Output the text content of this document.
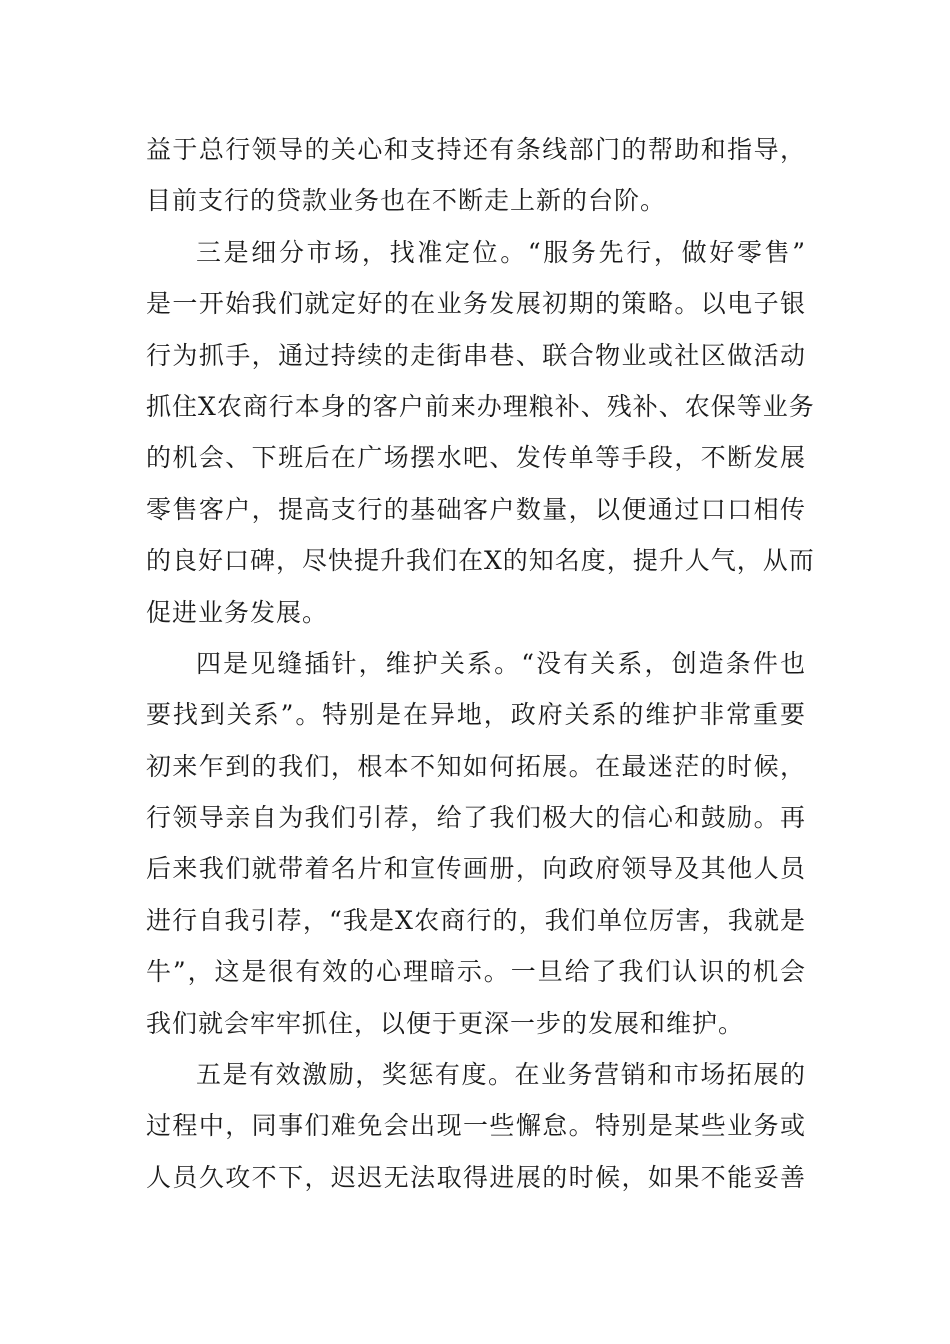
益于总行领导的关心和支持还有条线部门的帮助和指导，
目前支行的贷款业务也在不断走上新的台阶。
三是细分市场，找准定位。“服务先行，做好零售”
是一开始我们就定好的在业务发展初期的策略。以电子银
行为抓手，通过持续的走街串巷、联合物业或社区做活动
抓住X农商行本身的客户前来办理粮补、残补、农保等业务
的机会、下班后在广场摆水吧、发传单等手段，不断发展
零售客户，提高支行的基础客户数量，以便通过口口相传
的良好口碑，尽快提升我们在X的知名度，提升人气，从而
促进业务发展。
四是见缝插针，维护关系。“没有关系，创造条件也
要找到关系”。特别是在异地，政府关系的维护非常重要
初来乍到的我们，根本不知如何拓展。在最迷茫的时候，
行领导亲自为我们引荐，给了我们极大的信心和鼓励。再
后来我们就带着名片和宣传画册，向政府领导及其他人员
进行自我引荐，“我是X农商行的，我们单位厉害，我就是
牛”，这是很有效的心理暗示。一旦给了我们认识的机会
我们就会牢牢抓住，以便于更深一步的发展和维护。
五是有效激励，奖惩有度。在业务营销和市场拓展的
过程中，同事们难免会出现一些懈怠。特别是某些业务或
人员久攻不下，迟迟无法取得进展的时候，如果不能妥善
